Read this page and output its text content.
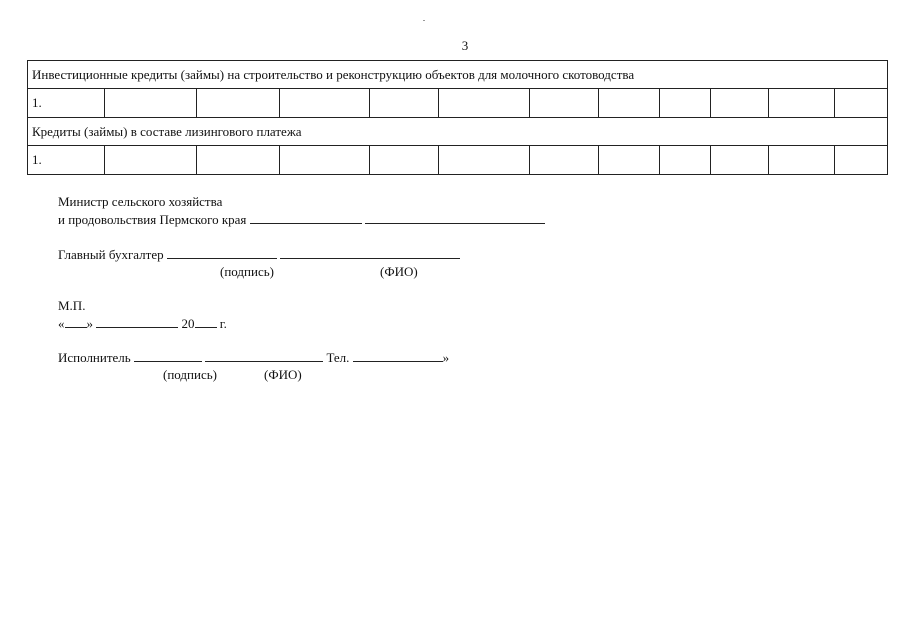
3
Инвестиционные кредиты (займы) на строительство и реконструкцию объектов для молочного скотоводства											
1.											
Кредиты (займы) в составе лизингового платежа											
1.											
Министр сельского хозяйства
и продовольствия Пермского края
Главный бухгалтер
(подпись)	(ФИО)
М.П.
« »	20 г.
Исполнитель	Тел.	»
(подпись)	(ФИО)
